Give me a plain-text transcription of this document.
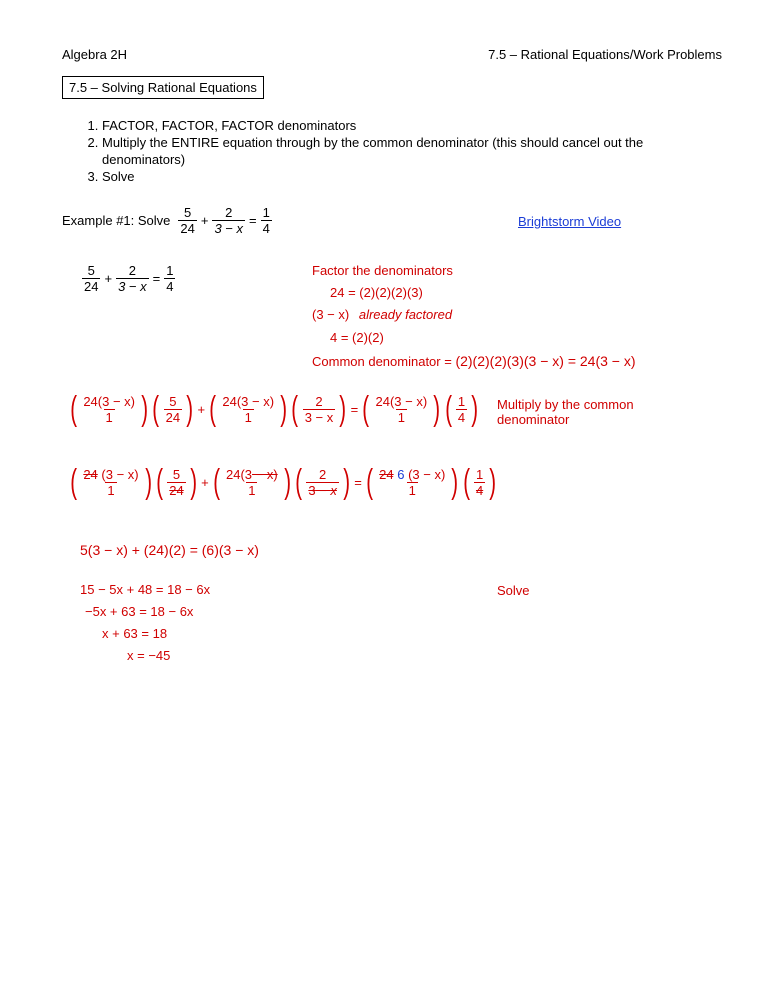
Algebra 2H	7.5 – Rational Equations/Work Problems
7.5 – Solving Rational Equations
1. FACTOR, FACTOR, FACTOR denominators
2. Multiply the ENTIRE equation through by the common denominator (this should cancel out the denominators)
3. Solve
Example #1: Solve $\frac{5}{24} + \frac{2}{3 - x} = \frac{1}{4}$	Brightstorm Video
$\frac{5}{24} + \frac{2}{3 - x} = \frac{1}{4}$	Factor the denominators
24 = (2)(2)(2)(3)
(3 − x) already factored
4 = (2)(2)
Common denominator = (2)(2)(2)(3)(3 − x) = 24(3 − x)
( $\frac{24(3 - x)}{1}$ ) ( $\frac{5}{24}$ ) + ( $\frac{24(3 - x)}{1}$ ) ( $\frac{2}{3 - x}$ ) = ( $\frac{24(3 - x)}{1}$ ) ( $\frac{1}{4}$ ) Multiply by the common denominator
( $\frac{24 (3 - x)}{1}$ ) ( $\frac{5}{24}$ ) + ( $\frac{24(3 - x)}{1}$ ) ( $\frac{2}{3 - x}$ ) = ( $\frac{24 6 (3 - x)}{1}$ ) ( $\frac{1}{4}$ )
5(3 − x) + (24)(2) = (6)(3 − x)
15 − 5x + 48 = 18 − 6x
−5x + 63 = 18 − 6x
x + 63 = 18
x = −45
Solve
